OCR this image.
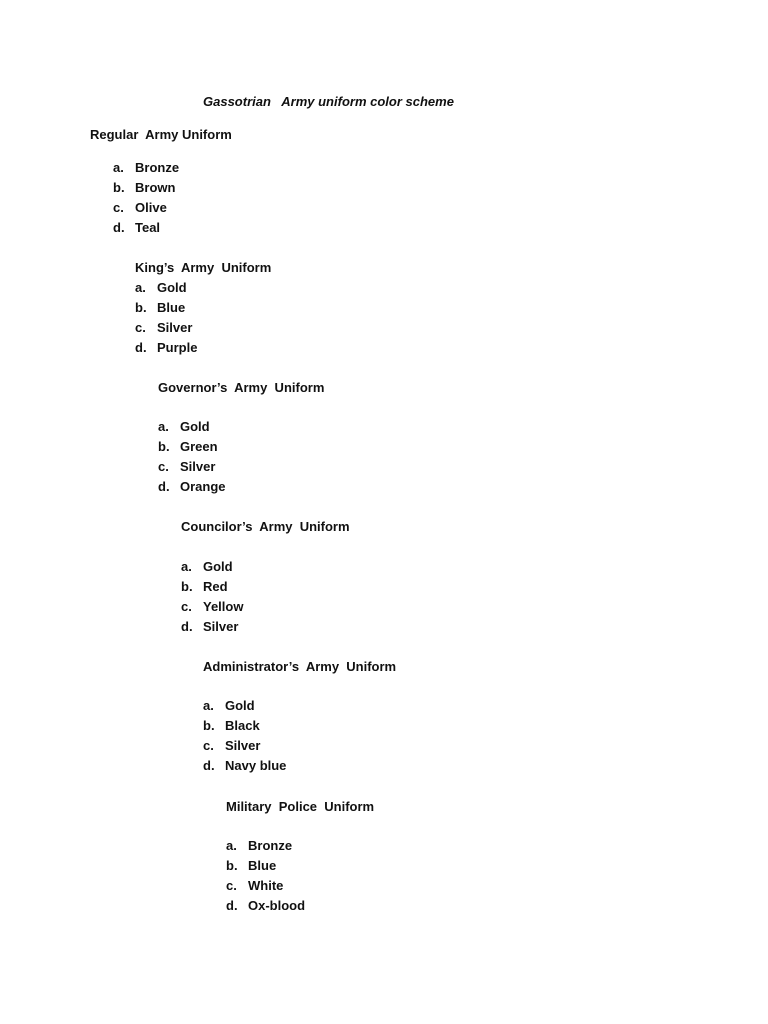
Gassotrian   Army uniform color scheme
Regular  Army Uniform
a. Bronze
b. Brown
c. Olive
d. Teal
King’s  Army  Uniform
a. Gold
b. Blue
c. Silver
d. Purple
Governor’s  Army  Uniform
a. Gold
b. Green
c. Silver
d. Orange
Councilor’s  Army  Uniform
a. Gold
b. Red
c. Yellow
d. Silver
Administrator’s  Army  Uniform
a. Gold
b. Black
c. Silver
d. Navy blue
Military  Police  Uniform
a. Bronze
b. Blue
c. White
d. Ox-blood
